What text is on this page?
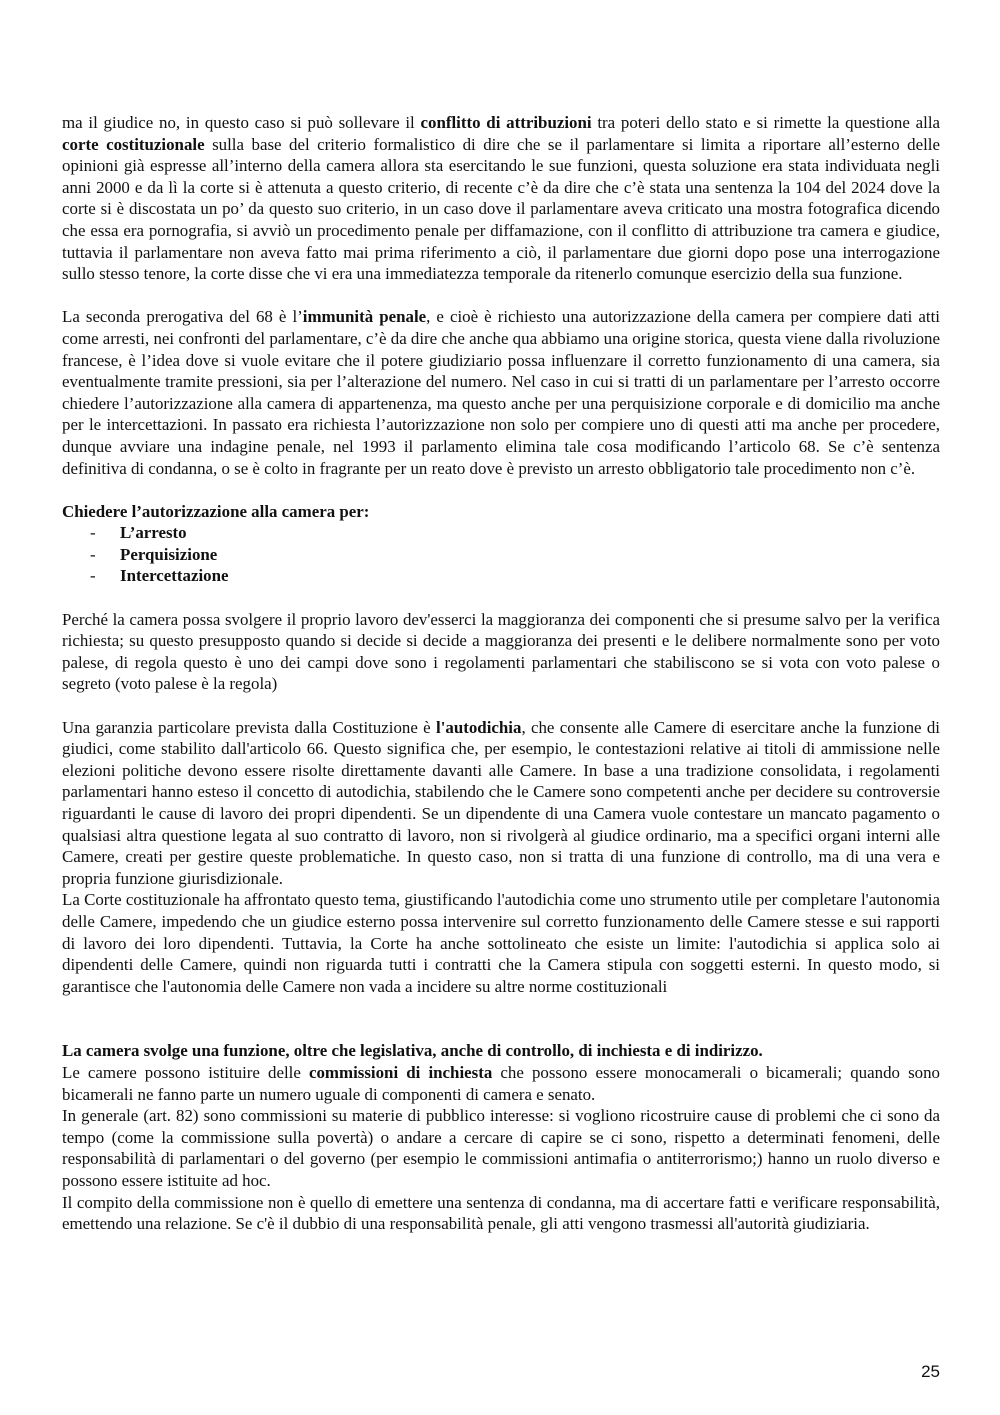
ma il giudice no, in questo caso si può sollevare il conflitto di attribuzioni tra poteri dello stato e si rimette la questione alla corte costituzionale sulla base del criterio formalistico di dire che se il parlamentare si limita a riportare all’esterno delle opinioni già espresse all’interno della camera allora sta esercitando le sue funzioni, questa soluzione era stata individuata negli anni 2000 e da lì la corte si è attenuta a questo criterio, di recente c’è da dire che c’è stata una sentenza la 104 del 2024 dove la corte si è discostata un po’ da questo suo criterio, in un caso dove il parlamentare aveva criticato una mostra fotografica dicendo che essa era pornografia, si avviò un procedimento penale per diffamazione, con il conflitto di attribuzione tra camera e giudice, tuttavia il parlamentare non aveva fatto mai prima riferimento a ciò, il parlamentare due giorni dopo pose una interrogazione sullo stesso tenore, la corte disse che vi era una immediatezza temporale da ritenerlo comunque esercizio della sua funzione.

La seconda prerogativa del 68 è l’immunità penale, e cioè è richiesto una autorizzazione della camera per compiere dati atti come arresti, nei confronti del parlamentare, c’è da dire che anche qua abbiamo una origine storica, questa viene dalla rivoluzione francese, è l’idea dove si vuole evitare che il potere giudiziario possa influenzare il corretto funzionamento di una camera, sia eventualmente tramite pressioni, sia per l’alterazione del numero. Nel caso in cui si tratti di un parlamentare per l’arresto occorre chiedere l’autorizzazione alla camera di appartenenza, ma questo anche per una perquisizione corporale e di domicilio ma anche per le intercettazioni. In passato era richiesta l’autorizzazione non solo per compiere uno di questi atti ma anche per procedere, dunque avviare una indagine penale, nel 1993 il parlamento elimina tale cosa modificando l’articolo 68. Se c’è sentenza definitiva di condanna, o se è colto in fragrante per un reato dove è previsto un arresto obbligatorio tale procedimento non c’è.

Chiedere l’autorizzazione alla camera per:

- L’arresto
- Perquisizione
- Intercettazione

Perché la camera possa svolgere il proprio lavoro dev'esserci la maggioranza dei componenti che si presume salvo per la verifica richiesta; su questo presupposto quando si decide si decide a maggioranza dei presenti e le delibere normalmente sono per voto palese, di regola questo è uno dei campi dove sono i regolamenti parlamentari che stabiliscono se si vota con voto palese o segreto (voto palese è la regola)

Una garanzia particolare prevista dalla Costituzione è l'autodichia, che consente alle Camere di esercitare anche la funzione di giudici, come stabilito dall'articolo 66. Questo significa che, per esempio, le contestazioni relative ai titoli di ammissione nelle elezioni politiche devono essere risolte direttamente davanti alle Camere. In base a una tradizione consolidata, i regolamenti parlamentari hanno esteso il concetto di autodichia, stabilendo che le Camere sono competenti anche per decidere su controversie riguardanti le cause di lavoro dei propri dipendenti. Se un dipendente di una Camera vuole contestare un mancato pagamento o qualsiasi altra questione legata al suo contratto di lavoro, non si rivolgerà al giudice ordinario, ma a specifici organi interni alle Camere, creati per gestire queste problematiche. In questo caso, non si tratta di una funzione di controllo, ma di una vera e propria funzione giurisdizionale.

La Corte costituzionale ha affrontato questo tema, giustificando l'autodichia come uno strumento utile per completare l'autonomia delle Camere, impedendo che un giudice esterno possa intervenire sul corretto funzionamento delle Camere stesse e sui rapporti di lavoro dei loro dipendenti. Tuttavia, la Corte ha anche sottolineato che esiste un limite: l'autodichia si applica solo ai dipendenti delle Camere, quindi non riguarda tutti i contratti che la Camera stipula con soggetti esterni. In questo modo, si garantisce che l'autonomia delle Camere non vada a incidere su altre norme costituzionali

La camera svolge una funzione, oltre che legislativa, anche di controllo, di inchiesta e di indirizzo.

Le camere possono istituire delle commissioni di inchiesta che possono essere monocamerali o bicamerali; quando sono bicamerali ne fanno parte un numero uguale di componenti di camera e senato.

In generale (art. 82) sono commissioni su materie di pubblico interesse: si vogliono ricostruire cause di problemi che ci sono da tempo (come la commissione sulla povertà) o andare a cercare di capire se ci sono, rispetto a determinati fenomeni, delle responsabilità di parlamentari o del governo (per esempio le commissioni antimafia o antiterrorismo;) hanno un ruolo diverso e possono essere istituite ad hoc.

Il compito della commissione non è quello di emettere una sentenza di condanna, ma di accertare fatti e verificare responsabilità, emettendo una relazione. Se c'è il dubbio di una responsabilità penale, gli atti vengono trasmessi all'autorità giudiziaria.

25
